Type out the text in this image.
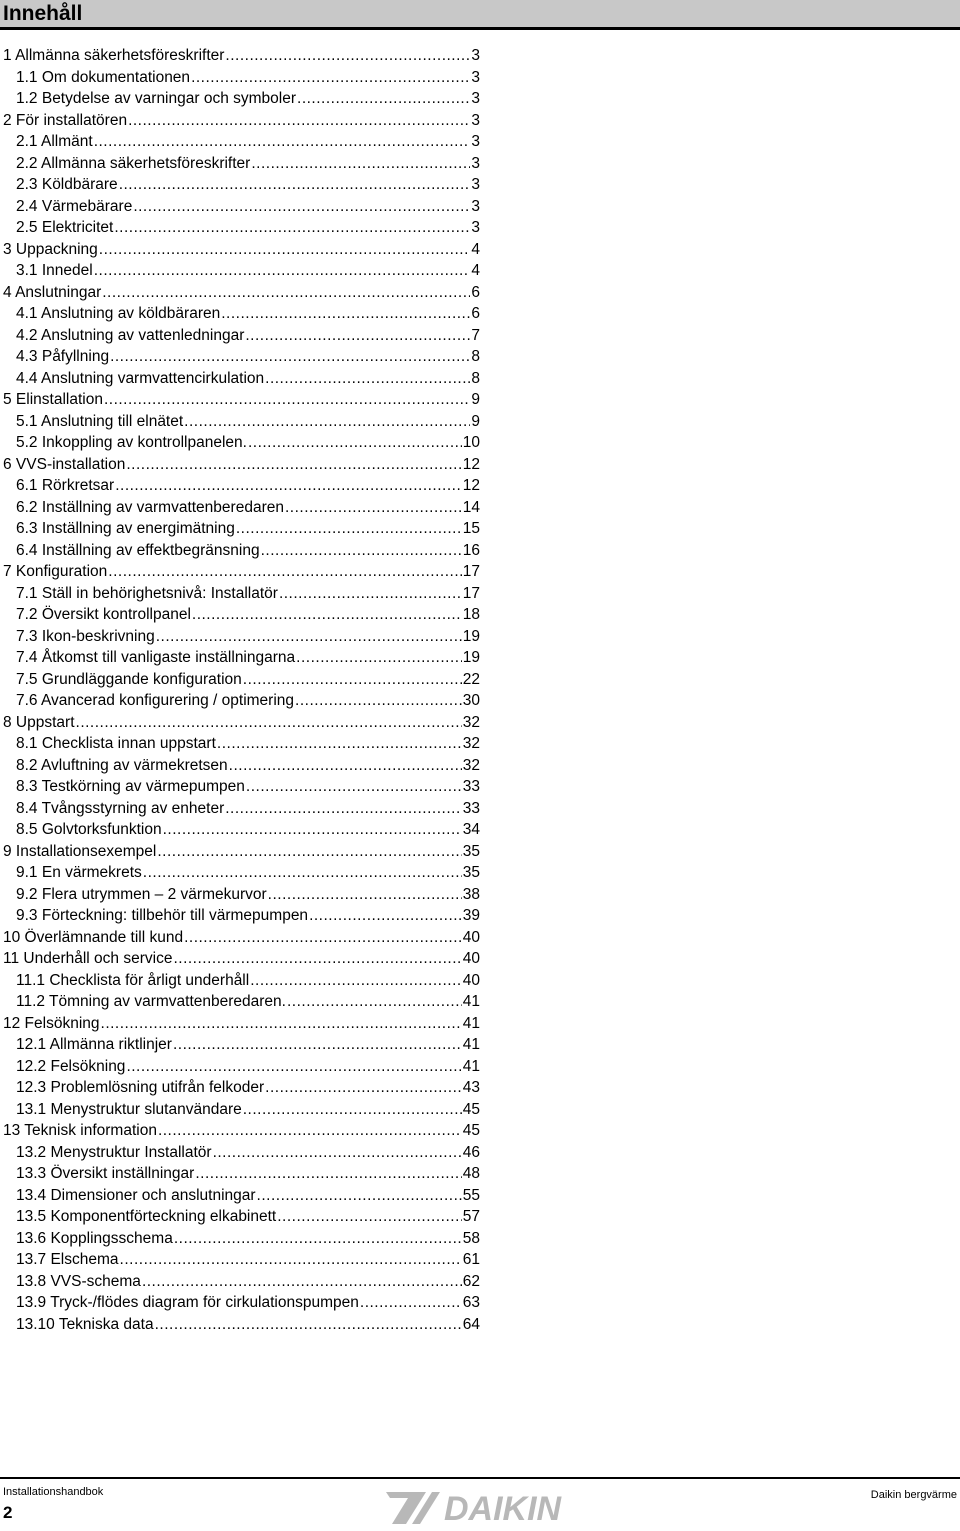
Innehåll
1 Allmänna säkerhetsföreskrifter .....	3
1.1 Om dokumentationen .....	3
1.2 Betydelse av varningar och symboler .....	3
2 För installatören .....	3
2.1 Allmänt .....	3
2.2 Allmänna säkerhetsföreskrifter .....	3
2.3 Köldbärare .....	3
2.4 Värmebärare .....	3
2.5 Elektricitet .....	3
3 Uppackning .....	4
3.1 Innedel .....	4
4 Anslutningar .....	6
4.1 Anslutning av köldbäraren .....	6
4.2 Anslutning av vattenledningar .....	7
4.3 Påfyllning .....	8
4.4 Anslutning varmvattencirkulation .....	8
5 Elinstallation .....	9
5.1 Anslutning till elnätet .....	9
5.2 Inkoppling av kontrollpanelen. .....	10
6 VVS-installation .....	12
6.1 Rörkretsar .....	12
6.2 Inställning av varmvattenberedaren .....	14
6.3 Inställning av energimätning .....	15
6.4 Inställning av effektbegränsning .....	16
7 Konfiguration .....	17
7.1 Ställ in behörighetsnivå: Installatör .....	17
7.2 Översikt kontrollpanel .....	18
7.3 Ikon-beskrivning .....	19
7.4 Åtkomst till vanligaste inställningarna .....	19
7.5 Grundläggande konfiguration .....	22
7.6 Avancerad konfigurering / optimering .....	30
8 Uppstart .....	32
8.1 Checklista innan uppstart .....	32
8.2 Avluftning av värmekretsen .....	32
8.3 Testkörning av värmepumpen .....	33
8.4 Tvångsstyrning av enheter .....	33
8.5 Golvtorksfunktion .....	34
9 Installationsexempel .....	35
9.1 En värmekrets .....	35
9.2 Flera utrymmen – 2 värmekurvor .....	38
9.3 Förteckning: tillbehör till värmepumpen .....	39
10 Överlämnande till kund .....	40
11 Underhåll och service .....	40
11.1 Checklista för årligt underhåll .....	40
11.2 Tömning av varmvattenberedaren. .....	41
12 Felsökning .....	41
12.1 Allmänna riktlinjer .....	41
12.2 Felsökning .....	41
12.3 Problemlösning utifrån felkoder .....	43
13.1 Menystruktur slutanvändare .....	45
13 Teknisk information .....	45
13.2 Menystruktur Installatör .....	46
13.3 Översikt inställningar .....	48
13.4 Dimensioner och anslutningar .....	55
13.5 Komponentförteckning elkabinett .....	57
13.6 Kopplingsschema .....	58
13.7 Elschema .....	61
13.8 VVS-schema .....	62
13.9 Tryck-/flödes diagram för cirkulationspumpen .....	63
13.10 Tekniska data .....	64
Installationshandbok
2	DAIKIN	Daikin bergvärme
